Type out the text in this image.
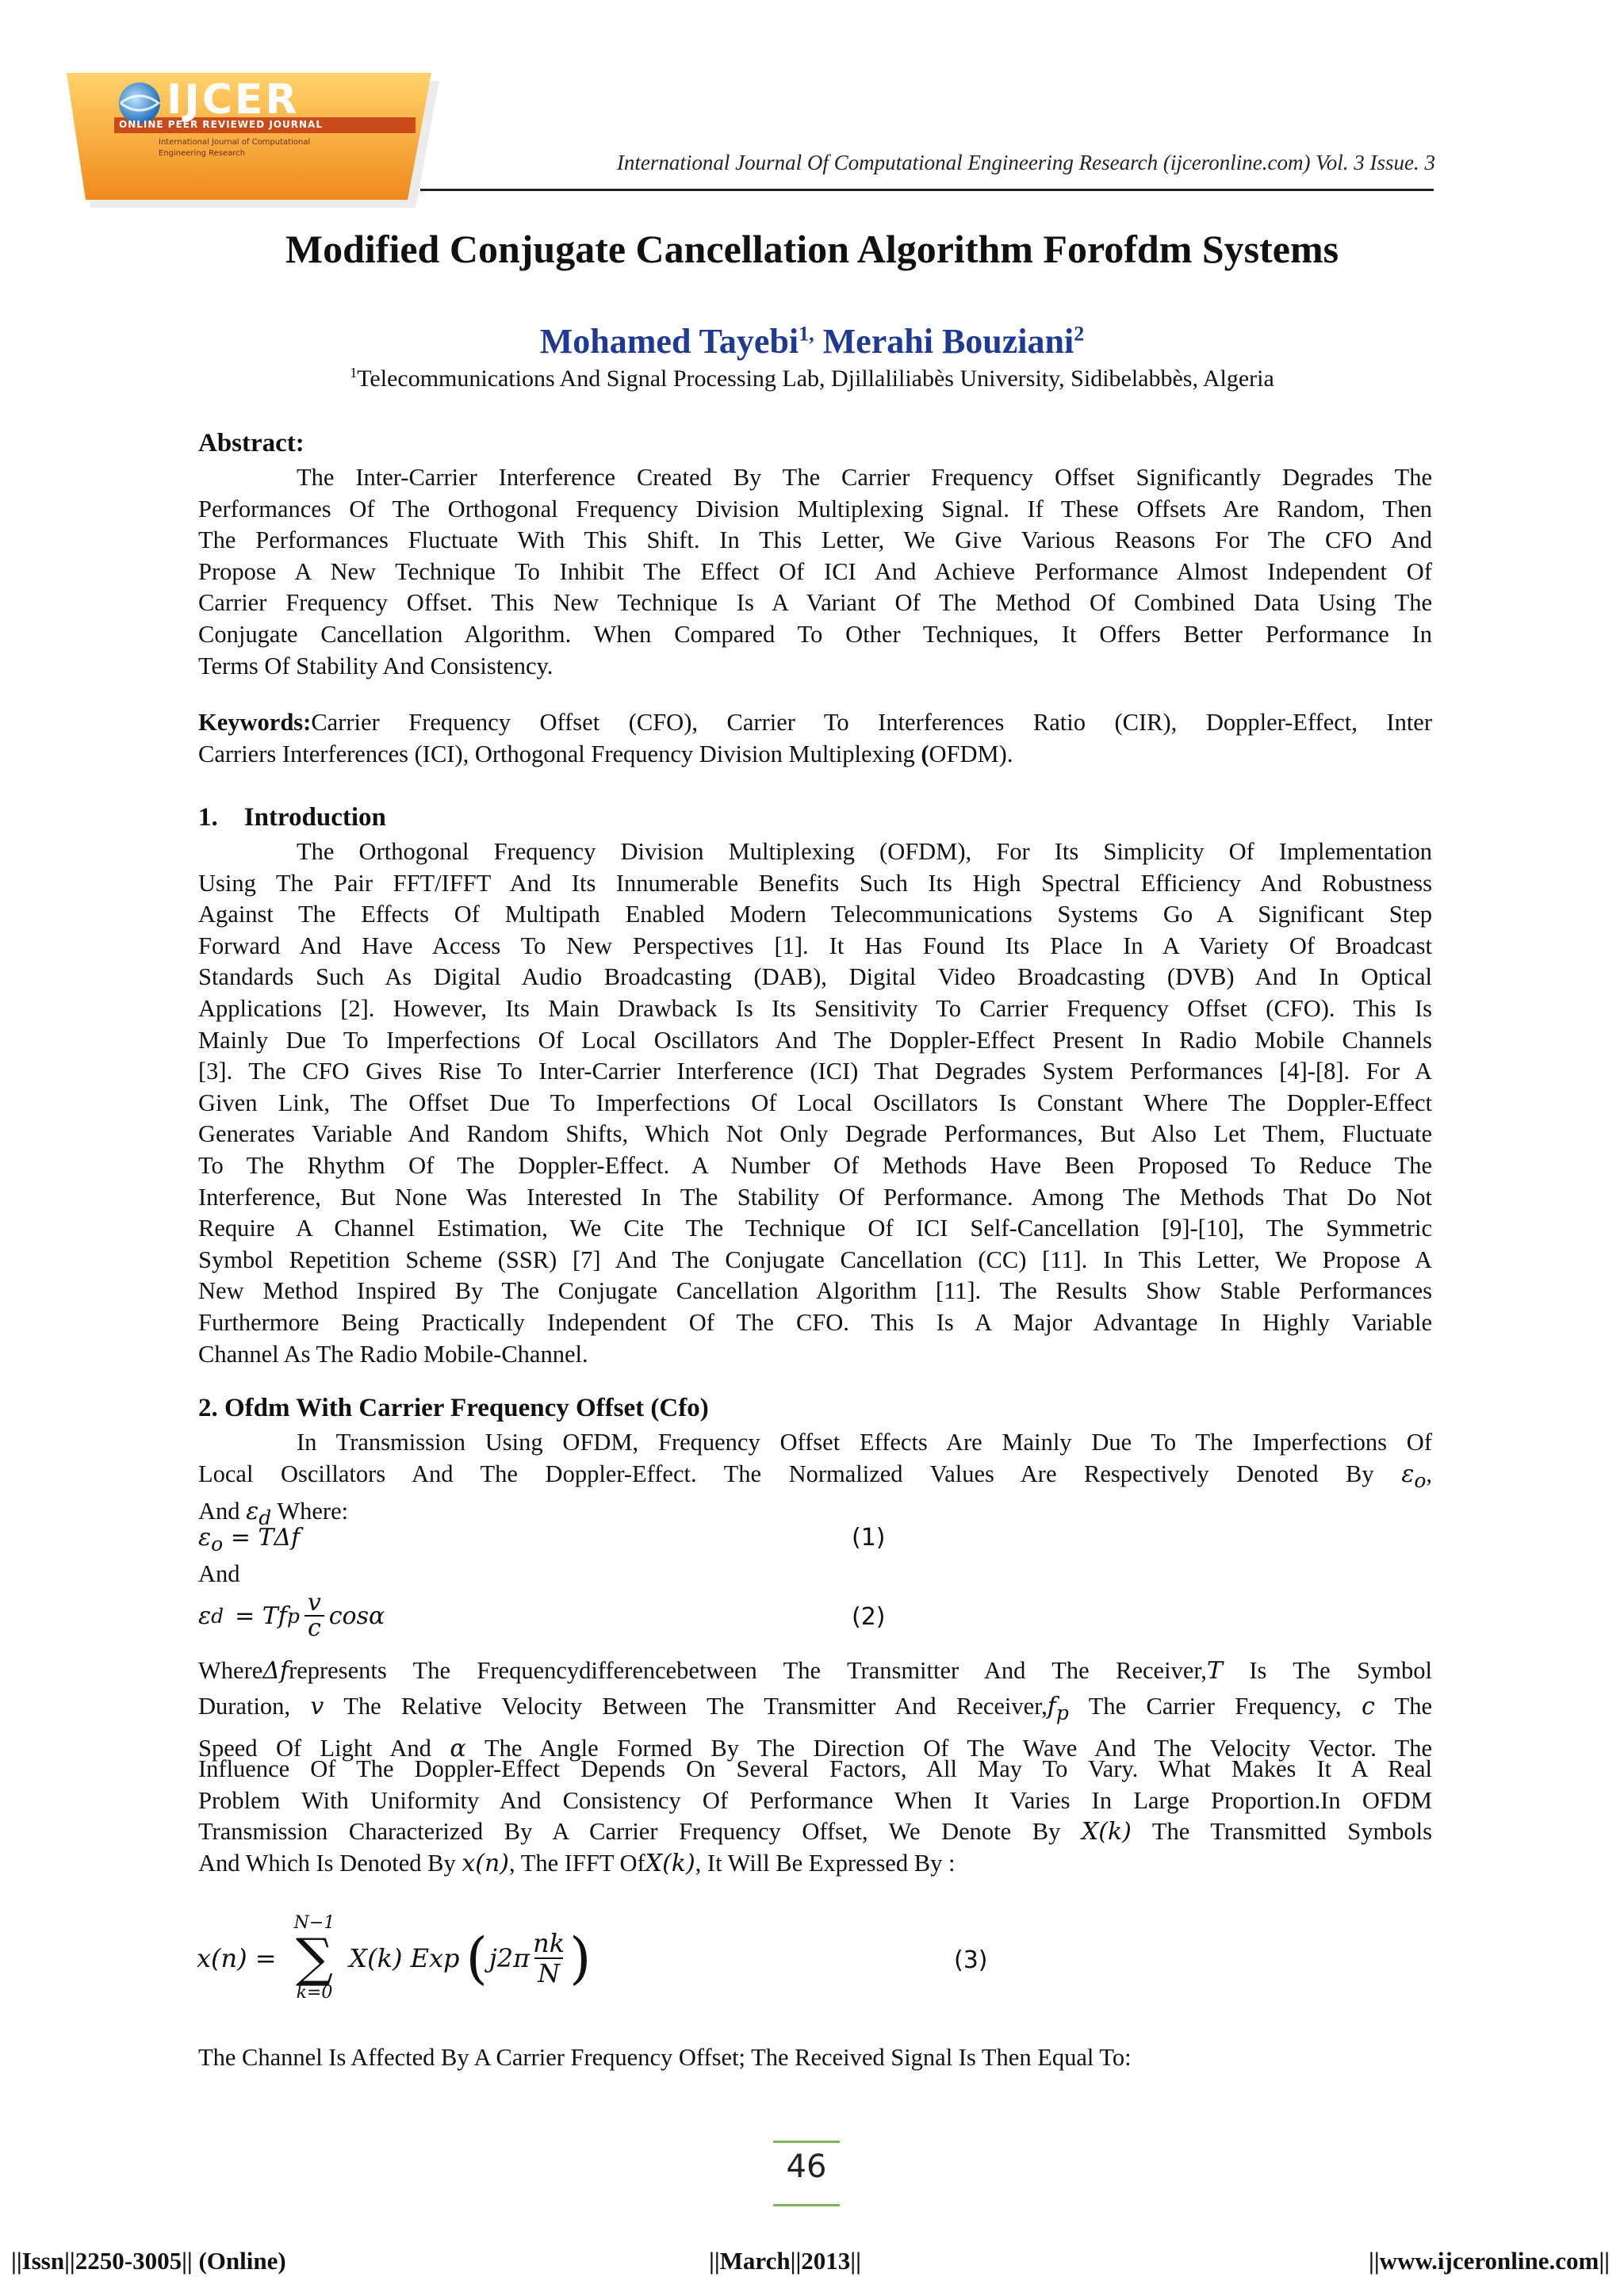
IJCER
ONLINE PEER REVIEWED JOURNAL
International Journal of Computational
Engineering Research	International Journal Of Computational Engineering Research (ijceronline.com) Vol. 3 Issue. 3
Modified Conjugate Cancellation Algorithm Forofdm Systems
Mohamed Tayebi$^{1,}$ Merahi Bouziani$^2$
$^1$Telecommunications And Signal Processing Lab, Djillaliliabès University, Sidibelabbès, Algeria
Abstract:
The Inter-Carrier Interference Created By The Carrier Frequency Offset Significantly Degrades The
Performances Of The Orthogonal Frequency Division Multiplexing Signal. If These Offsets Are Random, Then
The Performances Fluctuate With This Shift. In This Letter, We Give Various Reasons For The CFO And
Propose A New Technique To Inhibit The Effect Of ICI And Achieve Performance Almost Independent Of
Carrier Frequency Offset. This New Technique Is A Variant Of The Method Of Combined Data Using The
Conjugate Cancellation Algorithm. When Compared To Other Techniques, It Offers Better Performance In
Terms Of Stability And Consistency.
Keywords:Carrier Frequency Offset (CFO), Carrier To Interferences Ratio (CIR), Doppler-Effect, Inter
Carriers Interferences (ICI), Orthogonal Frequency Division Multiplexing (OFDM).
1. Introduction
The Orthogonal Frequency Division Multiplexing (OFDM), For Its Simplicity Of Implementation
Using The Pair FFT/IFFT And Its Innumerable Benefits Such Its High Spectral Efficiency And Robustness
Against The Effects Of Multipath Enabled Modern Telecommunications Systems Go A Significant Step
Forward And Have Access To New Perspectives [1]. It Has Found Its Place In A Variety Of Broadcast
Standards Such As Digital Audio Broadcasting (DAB), Digital Video Broadcasting (DVB) And In Optical
Applications [2]. However, Its Main Drawback Is Its Sensitivity To Carrier Frequency Offset (CFO). This Is
Mainly Due To Imperfections Of Local Oscillators And The Doppler-Effect Present In Radio Mobile Channels
[3]. The CFO Gives Rise To Inter-Carrier Interference (ICI) That Degrades System Performances [4]-[8]. For A
Given Link, The Offset Due To Imperfections Of Local Oscillators Is Constant Where The Doppler-Effect
Generates Variable And Random Shifts, Which Not Only Degrade Performances, But Also Let Them, Fluctuate
To The Rhythm Of The Doppler-Effect. A Number Of Methods Have Been Proposed To Reduce The
Interference, But None Was Interested In The Stability Of Performance. Among The Methods That Do Not
Require A Channel Estimation, We Cite The Technique Of ICI Self-Cancellation [9]-[10], The Symmetric
Symbol Repetition Scheme (SSR) [7] And The Conjugate Cancellation (CC) [11]. In This Letter, We Propose A
New Method Inspired By The Conjugate Cancellation Algorithm [11]. The Results Show Stable Performances
Furthermore Being Practically Independent Of The CFO. This Is A Major Advantage In Highly Variable
Channel As The Radio Mobile-Channel.
2. Ofdm With Carrier Frequency Offset (Cfo)
In Transmission Using OFDM, Frequency Offset Effects Are Mainly Due To The Imperfections Of
Local Oscillators And The Doppler-Effect. The Normalized Values Are Respectively Denoted By $\varepsilon_o$,
And $\varepsilon_d$ Where:
$\varepsilon_o = T\Delta f$	(1)
And
ε d = Tf p v
c cosα	(2)
WhereΔfrepresents The Frequencydifferencebetween The Transmitter And The Receiver,T Is The Symbol
Duration, v The Relative Velocity Between The Transmitter And $Receiver,f_p$ The Carrier Frequency, c The
Speed Of Light And α The Angle Formed By The Direction Of The Wave And The Velocity Vector. The
Influence Of The Doppler-Effect Depends On Several Factors, All May To Vary. What Makes It A Real
Problem With Uniformity And Consistency Of Performance When It Varies In Large Proportion.In OFDM
Transmission Characterized By A Carrier Frequency Offset, We Denote By X(k) The Transmitted Symbols
And Which Is Denoted By x(n), The IFFT OfX(k), It Will Be Expressed By :
x(n) =
N−1
∑
k=0
X(k) Exp ( j2π nk
N )	(3)
The Channel Is Affected By A Carrier Frequency Offset; The Received Signal Is Then Equal To:
46
||Issn||2250-3005|| (Online)	||March||2013||	||www.ijceronline.com||
